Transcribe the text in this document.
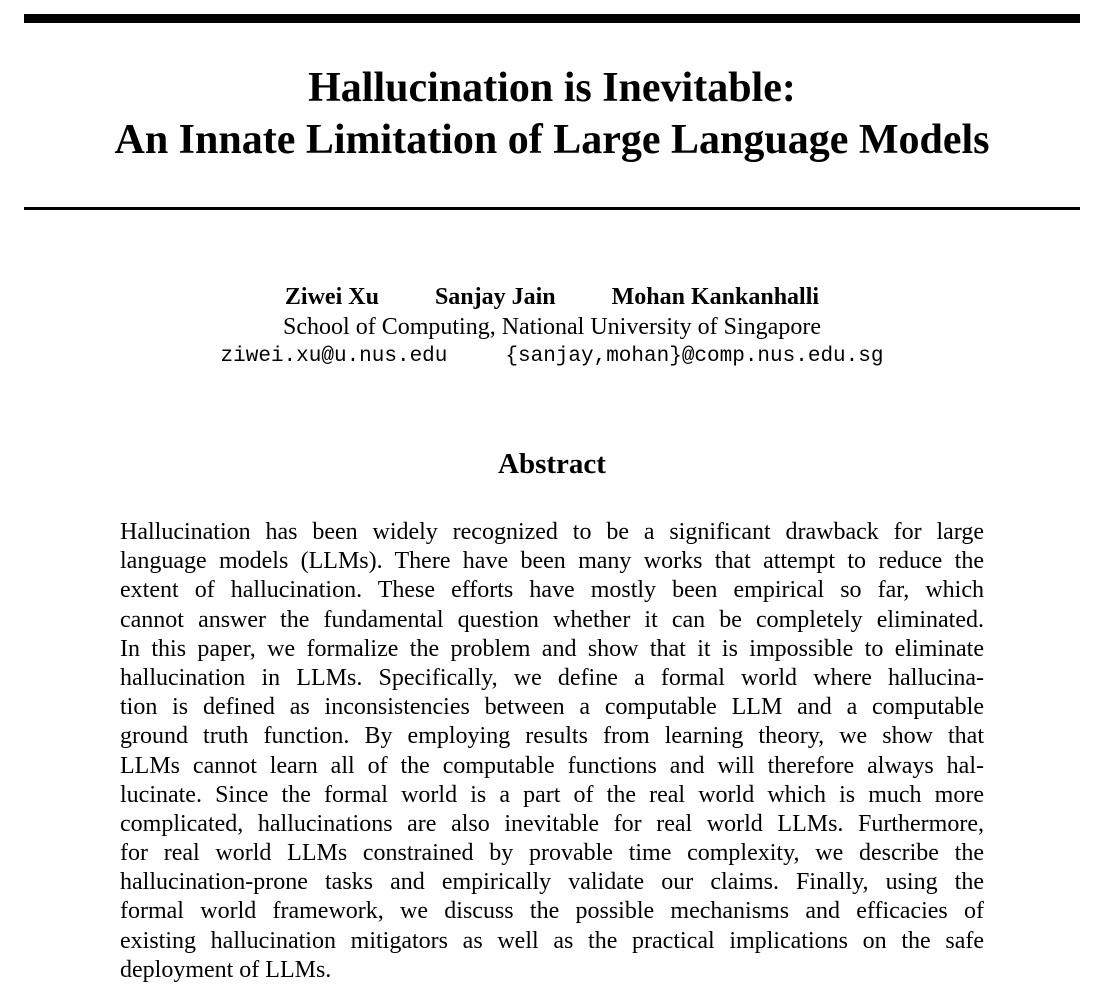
Hallucination is Inevitable:
An Innate Limitation of Large Language Models
Ziwei Xu Sanjay Jain Mohan Kankanhalli
School of Computing, National University of Singapore
ziwei.xu@u.nus.edu	{sanjay,mohan}@comp.nus.edu.sg
Abstract
Hallucination has been widely recognized to be a significant drawback for large
language models (LLMs). There have been many works that attempt to reduce the
extent of hallucination. These efforts have mostly been empirical so far, which
cannot answer the fundamental question whether it can be completely eliminated.
In this paper, we formalize the problem and show that it is impossible to eliminate
hallucination in LLMs. Specifically, we define a formal world where hallucina-
tion is defined as inconsistencies between a computable LLM and a computable
ground truth function. By employing results from learning theory, we show that
LLMs cannot learn all of the computable functions and will therefore always hal-
lucinate. Since the formal world is a part of the real world which is much more
complicated, hallucinations are also inevitable for real world LLMs. Furthermore,
for real world LLMs constrained by provable time complexity, we describe the
hallucination-prone tasks and empirically validate our claims. Finally, using the
formal world framework, we discuss the possible mechanisms and efficacies of
existing hallucination mitigators as well as the practical implications on the safe
deployment of LLMs.
